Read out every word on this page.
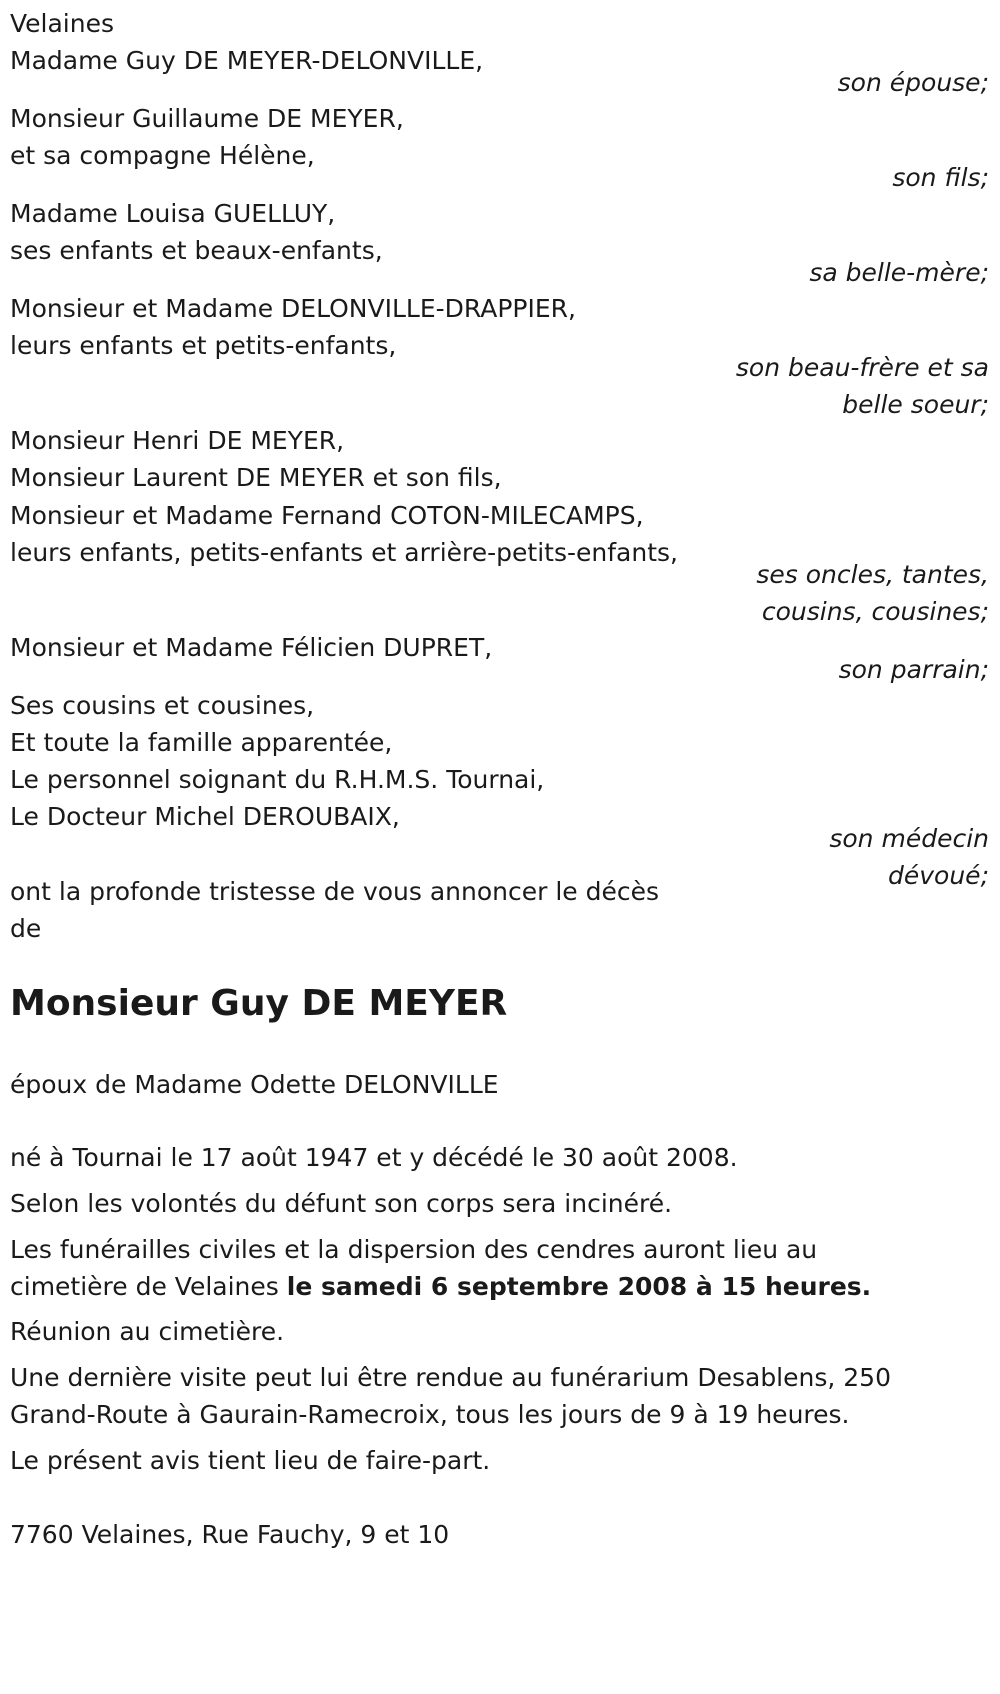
Velaines
Madame Guy DE MEYER-DELONVILLE,
son épouse;
Monsieur Guillaume DE MEYER,
et sa compagne Hélène,
son fils;
Madame Louisa GUELLUY,
ses enfants et beaux-enfants,
sa belle-mère;
Monsieur et Madame DELONVILLE-DRAPPIER,
leurs enfants et petits-enfants,
son beau-frère et sa
belle soeur;
Monsieur Henri DE MEYER,
Monsieur Laurent DE MEYER et son fils,
Monsieur et Madame Fernand COTON-MILECAMPS,
leurs enfants, petits-enfants et arrière-petits-enfants,
ses oncles, tantes,
cousins, cousines;
Monsieur et Madame Félicien DUPRET,
son parrain;
Ses cousins et cousines,
Et toute la famille apparentée,
Le personnel soignant du R.H.M.S. Tournai,
Le Docteur Michel DEROUBAIX,
son médecin
dévoué;
ont la profonde tristesse de vous annoncer le décès
de
Monsieur Guy DE MEYER
époux de Madame Odette DELONVILLE
né à Tournai le 17 août 1947 et y décédé le 30 août 2008.
Selon les volontés du défunt son corps sera incinéré.
Les funérailles civiles et la dispersion des cendres auront lieu au
cimetière de Velaines le samedi 6 septembre 2008 à 15 heures.
Réunion au cimetière.
Une dernière visite peut lui être rendue au funérarium Desablens, 250
Grand-Route à Gaurain-Ramecroix, tous les jours de 9 à 19 heures.
Le présent avis tient lieu de faire-part.
7760 Velaines, Rue Fauchy, 9 et 10
